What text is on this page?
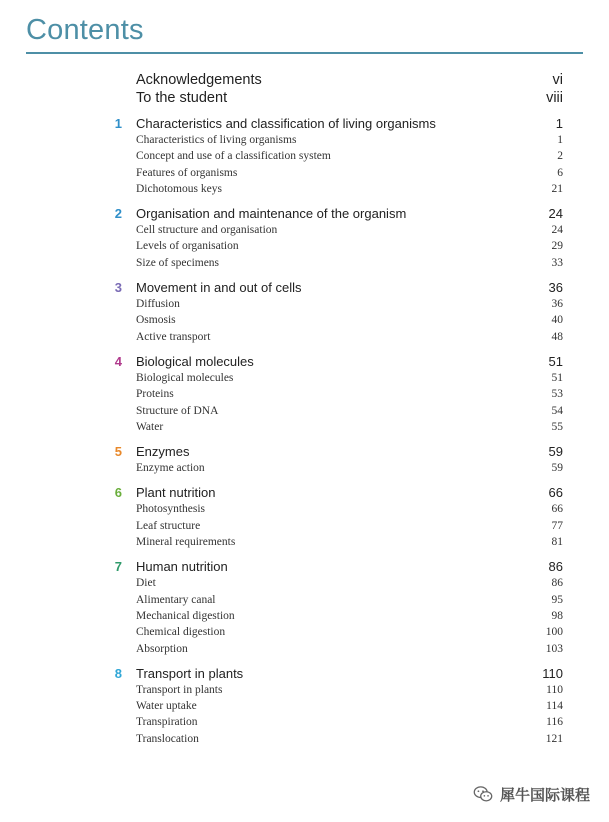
Contents
Acknowledgements	vi
To the student	viii
1 Characteristics and classification of living organisms	1
Characteristics of living organisms	1
Concept and use of a classification system	2
Features of organisms	6
Dichotomous keys	21
2 Organisation and maintenance of the organism	24
Cell structure and organisation	24
Levels of organisation	29
Size of specimens	33
3 Movement in and out of cells	36
Diffusion	36
Osmosis	40
Active transport	48
4 Biological molecules	51
Biological molecules	51
Proteins	53
Structure of DNA	54
Water	55
5 Enzymes	59
Enzyme action	59
6 Plant nutrition	66
Photosynthesis	66
Leaf structure	77
Mineral requirements	81
7 Human nutrition	86
Diet	86
Alimentary canal	95
Mechanical digestion	98
Chemical digestion	100
Absorption	103
8 Transport in plants	110
Transport in plants	110
Water uptake	114
Transpiration	116
Translocation	121
犀牛国际课程
